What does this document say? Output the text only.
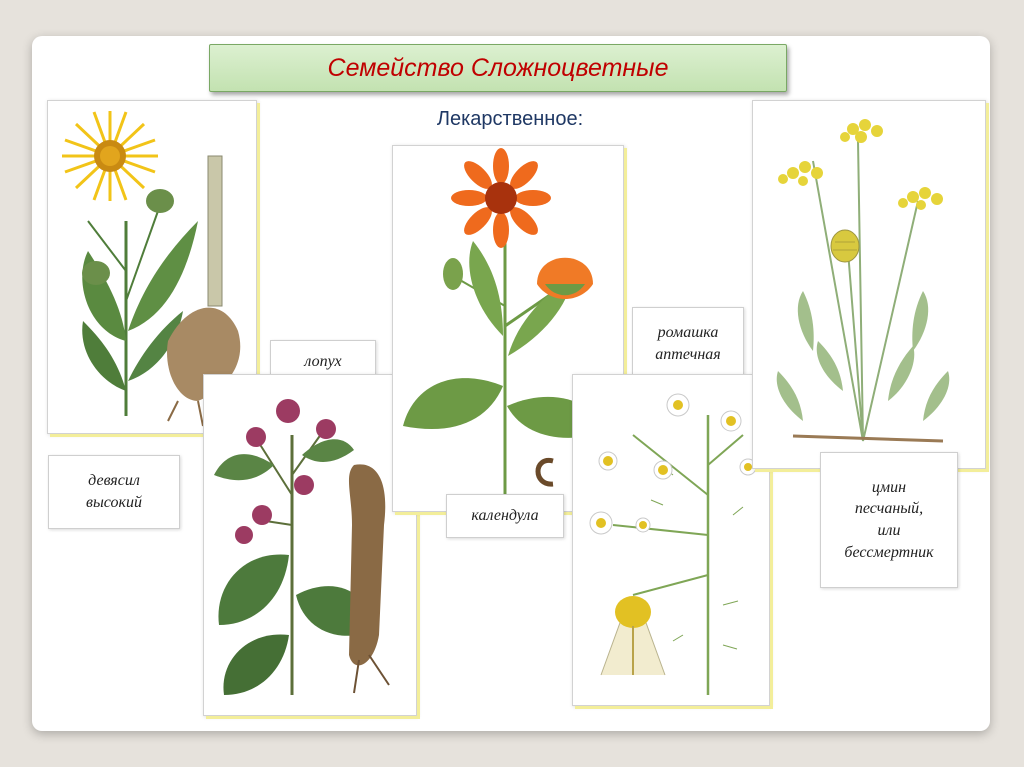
Семейство Сложноцветные
Лекарственное:
девясил
высокий
лопух
календула
ромашка
аптечная
цмин
песчаный,
или
бессмертник
